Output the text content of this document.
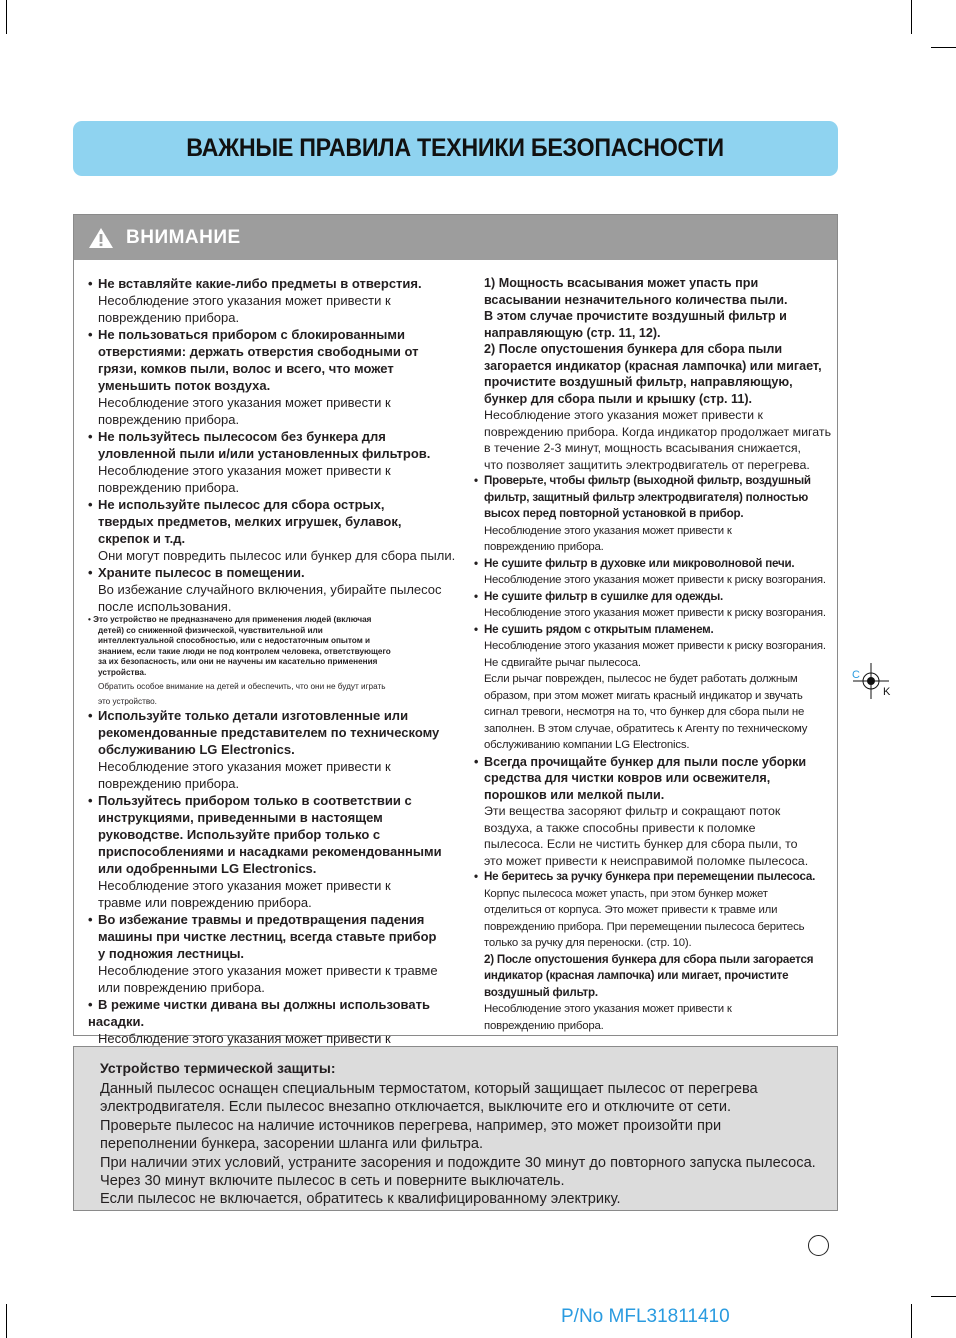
ВАЖНЫЕ ПРАВИЛА ТЕХНИКИ БЕЗОПАСНОСТИ
ВНИМАНИЕ
• Не вставляйте какие-либо предметы в отверстия.
Несоблюдение этого указания может привести к
повреждению прибора.
• Не пользоваться прибором с блокированными
отверстиями: держать отверстия свободными от
грязи, комков пыли, волос и всего, что может
уменьшить поток воздуха.
Несоблюдение этого указания может привести к
повреждению прибора.
• Не пользуйтесь пылесосом без бункера для
уловленной пыли и/или установленных фильтров.
Несоблюдение этого указания может привести к
повреждению прибора.
• Не используйте пылесос для сбора острых,
твердых предметов, мелких игрушек, булавок,
скрепок и т.д.
Они могут повредить пылесос или бункер для сбора пыли.
• Храните пылесос в помещении.
Во избежание случайного включения, убирайте пылесос
после использования.
• Это устройство не предназначено для применения людей (включая
детей) со сниженной физической, чувствительной или
интеллектуальной способностью, или с недостаточным опытом и
знанием, если такие люди не под контролем человека, ответствующего
за их безопасность, или они не научены им касательно применения
устройства.
Обратить особое внимание на детей и обеспечить, что они не будут играть
это устройство.
• Используйте только детали изготовленные или
рекомендованные представителем по техническому
обслуживанию LG Electronics.
Несоблюдение этого указания может привести к
повреждению прибора.
• Пользуйтесь прибором только в соответствии с
инструкциями, приведенными в настоящем
руководстве. Используйте прибор только с
приспособлениями и насадками рекомендованными
или одобренными LG Electronics.
Несоблюдение этого указания может привести к
травме или повреждению прибора.
• Во избежание травмы и предотвращения падения
машины при чистке лестниц, всегда ставьте прибор
у подножия лестницы.
Несоблюдение этого указания может привести к травме
или повреждению прибора.
• В режиме чистки дивана вы должны использовать насадки.
Несоблюдение этого указания может привести к
1) Мощность всасывания может упасть при
всасывании незначительного количества пыли.
В этом случае прочистите воздушный фильтр и
направляющую (стр. 11, 12).
2) После опустошения бункера для сбора пыли
загорается индикатор (красная лампочка) или мигает,
прочистите воздушный фильтр, направляющую,
бункер для сбора пыли и крышку (стр. 11).
Несоблюдение этого указания может привести к
повреждению прибора. Когда индикатор продолжает мигать
в течение 2-3 минут, мощность всасывания снижается,
что позволяет защитить электродвигатель от перегрева.
• Проверьте, чтобы фильтр (выходной фильтр, воздушный
фильтр, защитный фильтр электродвигателя) полностью
высох перед повторной установкой в прибор.
Несоблюдение этого указания может привести к
повреждению прибора.
• Не сушите фильтр в духовке или микроволновой печи.
Несоблюдение этого указания может привести к риску возгорания.
• Не сушите фильтр в сушилке для одежды.
Несоблюдение этого указания может привести к риску возгорания.
• Не сушить рядом с открытым пламенем.
Несоблюдение этого указания может привести к риску возгорания.
Не сдвигайте рычаг пылесоса.
Если рычаг поврежден, пылесос не будет работать должным
образом, при этом может мигать красный индикатор и звучать
сигнал тревоги, несмотря на то, что бункер для сбора пыли не
заполнен. В этом случае, обратитесь к Агенту по техническому
обслуживанию компании LG Electronics.
• Всегда прочищайте бункер для пыли после уборки
средства для чистки ковров или освежителя,
порошков или мелкой пыли.
Эти вещества засоряют фильтр и сокращают поток
воздуха, а также способны привести к поломке
пылесоса. Если не чистить бункер для сбора пыли, то
это может привести к неисправимой поломке пылесоса.
• Не беритесь за ручку бункера при перемещении пылесоса.
Корпус пылесоса может упасть, при этом бункер может
отделиться от корпуса. Это может привести к травме или
повреждению прибора. При перемещении пылесоса беритесь
только за ручку для переноски. (стр. 10).
2) После опустошения бункера для сбора пыли загорается
индикатор (красная лампочка) или мигает, прочистите
воздушный фильтр.
Несоблюдение этого указания может привести к
повреждению прибора.
Устройство термической защиты:
Данный пылесос оснащен специальным термостатом, который защищает пылесос от перегрева
электродвигателя. Если пылесос внезапно отключается, выключите его и отключите от сети.
Проверьте пылесос на наличие источников перегрева, например, это может произойти при
переполнении бункера, засорении шланга или фильтра.
При наличии этих условий, устраните засорения и подождите 30 минут до повторного запуска пылесоса.
Через 30 минут включите пылесос в сеть и поверните выключатель.
Если пылесос не включается, обратитесь к квалифицированному электрику.
C
K
P/No MFL31811410
